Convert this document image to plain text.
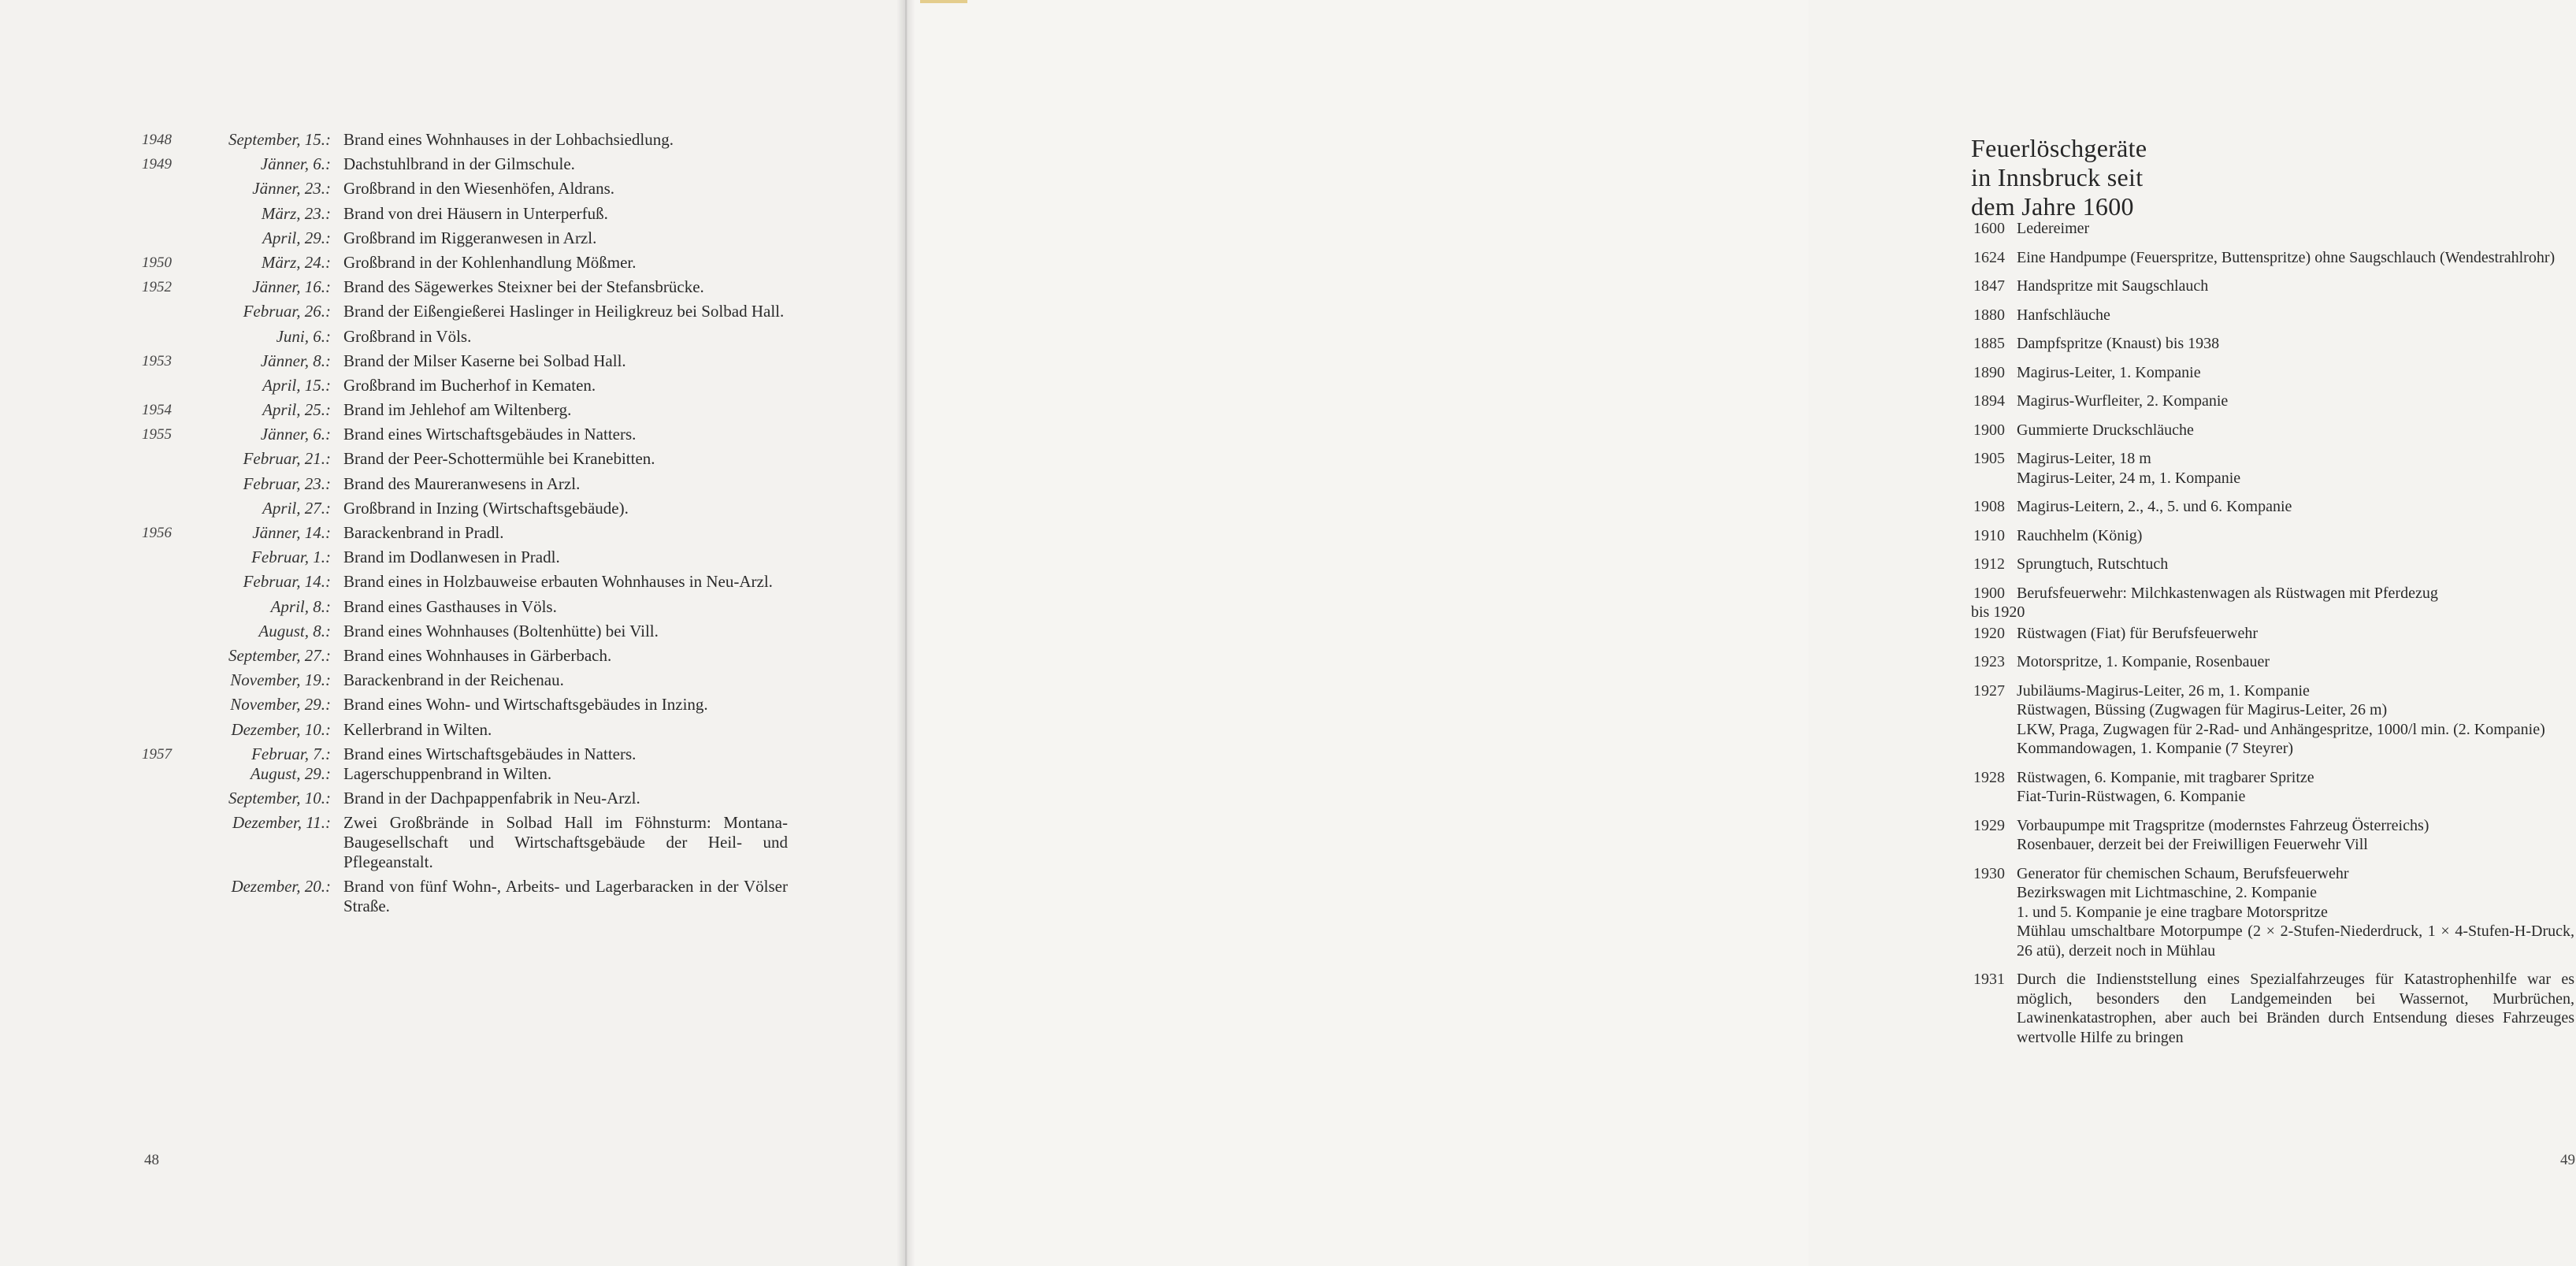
1948	September, 15.: Brand eines Wohnhauses in der Lohbachsiedlung.
1949	Jänner, 6.: Dachstuhlbrand in der Gilmschule.
Jänner, 23.: Großbrand in den Wiesenhöfen, Aldrans.
März, 23.: Brand von drei Häusern in Unterperfuß.
April, 29.: Großbrand im Riggeranwesen in Arzl.
1950	März, 24.: Großbrand in der Kohlenhandlung Mößmer.
1952	Jänner, 16.: Brand des Sägewerkes Steixner bei der Stefansbrücke.
Februar, 26.: Brand der Eißengießerei Haslinger in Heiligkreuz bei Solbad Hall.
Juni, 6.: Großbrand in Völs.
1953	Jänner, 8.: Brand der Milser Kaserne bei Solbad Hall.
April, 15.: Großbrand im Bucherhof in Kematen.
1954	April, 25.: Brand im Jehlehof am Wiltenberg.
1955	Jänner, 6.: Brand eines Wirtschaftsgebäudes in Natters.
Februar, 21.: Brand der Peer-Schottermühle bei Kranebitten.
Februar, 23.: Brand des Maureranwesens in Arzl.
April, 27.: Großbrand in Inzing (Wirtschaftsgebäude).
1956	Jänner, 14.: Barackenbrand in Pradl.
Februar, 1.: Brand im Dodlanwesen in Pradl.
Februar, 14.: Brand eines in Holzbauweise erbauten Wohnhauses in Neu-Arzl.
April, 8.: Brand eines Gasthauses in Völs.
August, 8.: Brand eines Wohnhauses (Boltenhütte) bei Vill.
September, 27.: Brand eines Wohnhauses in Gärberbach.
November, 19.: Barackenbrand in der Reichenau.
November, 29.: Brand eines Wohn- und Wirtschaftsgebäudes in Inzing.
Dezember, 10.: Kellerbrand in Wilten.
1957	Februar, 7.: Brand eines Wirtschaftsgebäudes in Natters.
August, 29.: Lagerschuppenbrand in Wilten.
September, 10.: Brand in der Dachpappenfabrik in Neu-Arzl.
Dezember, 11.: Zwei Großbrände in Solbad Hall im Föhnsturm: Montana-Baugesellschaft und Wirtschaftsgebäude der Heil- und Pflegeanstalt.
Dezember, 20.: Brand von fünf Wohn-, Arbeits- und Lagerbaracken in der Völser Straße.
48
Feuerlöschgeräte in Innsbruck seit dem Jahre 1600
1600 Ledereimer
1624 Eine Handpumpe (Feuerspritze, Buttenspritze) ohne Saugschlauch (Wendestrahlrohr)
1847 Handspritze mit Saugschlauch
1880 Hanfschläuche
1885 Dampfspritze (Knaust) bis 1938
1890 Magirus-Leiter, 1. Kompanie
1894 Magirus-Wurfleiter, 2. Kompanie
1900 Gummierte Druckschläuche
1905 Magirus-Leiter, 18 m
Magirus-Leiter, 24 m, 1. Kompanie
1908 Magirus-Leitern, 2., 4., 5. und 6. Kompanie
1910 Rauchhelm (König)
1912 Sprungtuch, Rutschtuch
1900 Berufsfeuerwehr: Milchkastenwagen als Rüstwagen mit Pferdezug
bis 1920
1920 Rüstwagen (Fiat) für Berufsfeuerwehr
1923 Motorspritze, 1. Kompanie, Rosenbauer
1927 Jubiläums-Magirus-Leiter, 26 m, 1. Kompanie
Rüstwagen, Büssing (Zugwagen für Magirus-Leiter, 26 m)
LKW, Praga, Zugwagen für 2-Rad- und Anhängespritze, 1000/l min. (2. Kompanie)
Kommandowagen, 1. Kompanie (7 Steyrer)
1928 Rüstwagen, 6. Kompanie, mit tragbarer Spritze
Fiat-Turin-Rüstwagen, 6. Kompanie
1929 Vorbaupumpe mit Tragspritze (modernstes Fahrzeug Österreichs)
Rosenbauer, derzeit bei der Freiwilligen Feuerwehr Vill
1930 Generator für chemischen Schaum, Berufsfeuerwehr
Bezirkswagen mit Lichtmaschine, 2. Kompanie
1. und 5. Kompanie je eine tragbare Motorspritze
Mühlau umschaltbare Motorpumpe (2 × 2-Stufen-Niederdruck, 1 × 4-Stufen-H-Druck, 26 atü), derzeit noch in Mühlau
1931 Durch die Indienststellung eines Spezialfahrzeuges für Katastrophenhilfe war es möglich, besonders den Landgemeinden bei Wassernot, Murbrüchen, Lawinenkatastrophen, aber auch bei Bränden durch Entsendung dieses Fahrzeuges wertvolle Hilfe zu bringen
49
